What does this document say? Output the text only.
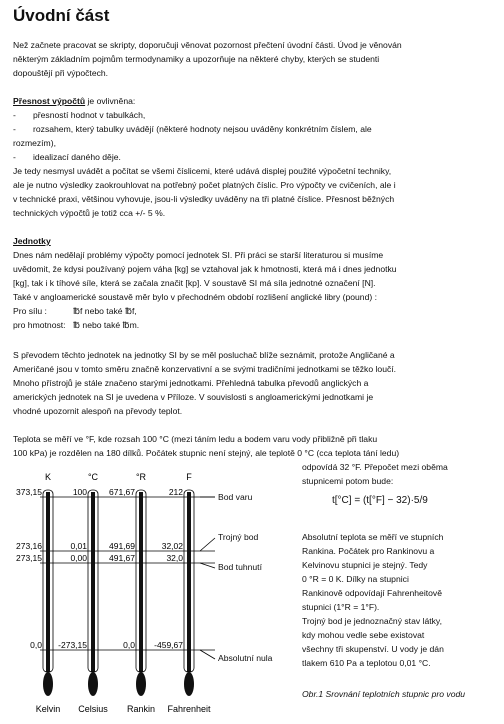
Úvodní část
Než začnete pracovat se skripty, doporučuji věnovat pozornost přečtení úvodní části. Úvod je věnován
některým základním pojmům termodynamiky a upozorňuje na některé chyby, kterých se studenti
dopouštějí při výpočtech.
Přesnost výpočtů je ovlivněna:
-	přesností hodnot v tabulkách,
-	rozsahem, který tabulky uvádějí (některé hodnoty nejsou uváděny konkrétním číslem, ale
rozmezím),
-	idealizací daného děje.
Je tedy nesmysl uvádět a počítat se všemi číslicemi, které udává displej použité výpočetní techniky,
ale je nutno výsledky zaokrouhlovat na potřebný počet platných číslic. Pro výpočty ve cvičeních, ale i
v technické praxi, většinou vyhovuje, jsou-li výsledky uváděny na tři platné číslice. Přesnost běžných
technických výpočtů je totiž cca +/- 5 %.
Jednotky
Dnes nám nedělají problémy výpočty pomocí jednotek SI. Při práci se starší literaturou si musíme
uvědomit, že kdysi používaný pojem váha [kg] se vztahoval jak k hmotnosti, která má i dnes jednotku
[kg], tak i k tíhové síle, která se začala značit [kp]. V soustavě SI má síla jednotné označení [N].
Také v angloamerické soustavě měr bylo v přechodném období rozlišení anglické libry (pound) :
Pro sílu :	℔f nebo také ℔f,
pro hmotnost: ℔ nebo také ℔m.
S převodem těchto jednotek na jednotky SI by se měl posluchač blíže seznámit, protože Angličané a
Američané jsou v tomto směru značně konzervativní a se svými tradičními jednotkami se těžko loučí.
Mnoho přístrojů je stále značeno starými jednotkami. Přehledná tabulka převodů anglických a
amerických jednotek na SI je uvedena v Příloze. V souvislosti s angloamerickými jednotkami je
vhodné upozornit alespoň na převody teplot.
Teplota se měří ve °F, kde rozsah 100 °C (mezi táním ledu a bodem varu vody přibližně při tlaku
100 kPa) je rozdělen na 180 dílků. Počátek stupnic není stejný, ale teplotě 0 °C (cca teplota tání ledu)
odpovídá 32 °F. Přepočet mezi oběma
stupnicemi potom bude:
t[°C] = (t[°F] − 32)·5/9
Absolutní teplota se měří ve stupních
Rankina. Počátek pro Rankinovu a
Kelvinovu stupnici je stejný. Tedy
0 °R = 0 K. Dílky na stupnici
Rankinově odpovídají Fahrenheitově
stupnici (1°R = 1°F).
Trojný bod je jednoznačný stav látky,
kdy mohou vedle sebe existovat
všechny tři skupenství. U vody je dán
tlakem 610 Pa a teplotou 0,01 °C.
Obr.1 Srovnání teplotních stupnic pro vodu
K
Kelvin
373,15
273,16
273,15
0,0
°C
Celsius
100
0,01
0,00
-273,15
°R
Rankin
671,67
491,69
491,67
0,0
F
Fahrenheit
212
32,02
32,0
-459,67
Bod varu
Trojný bod
Bod tuhnutí
Absolutní nula
